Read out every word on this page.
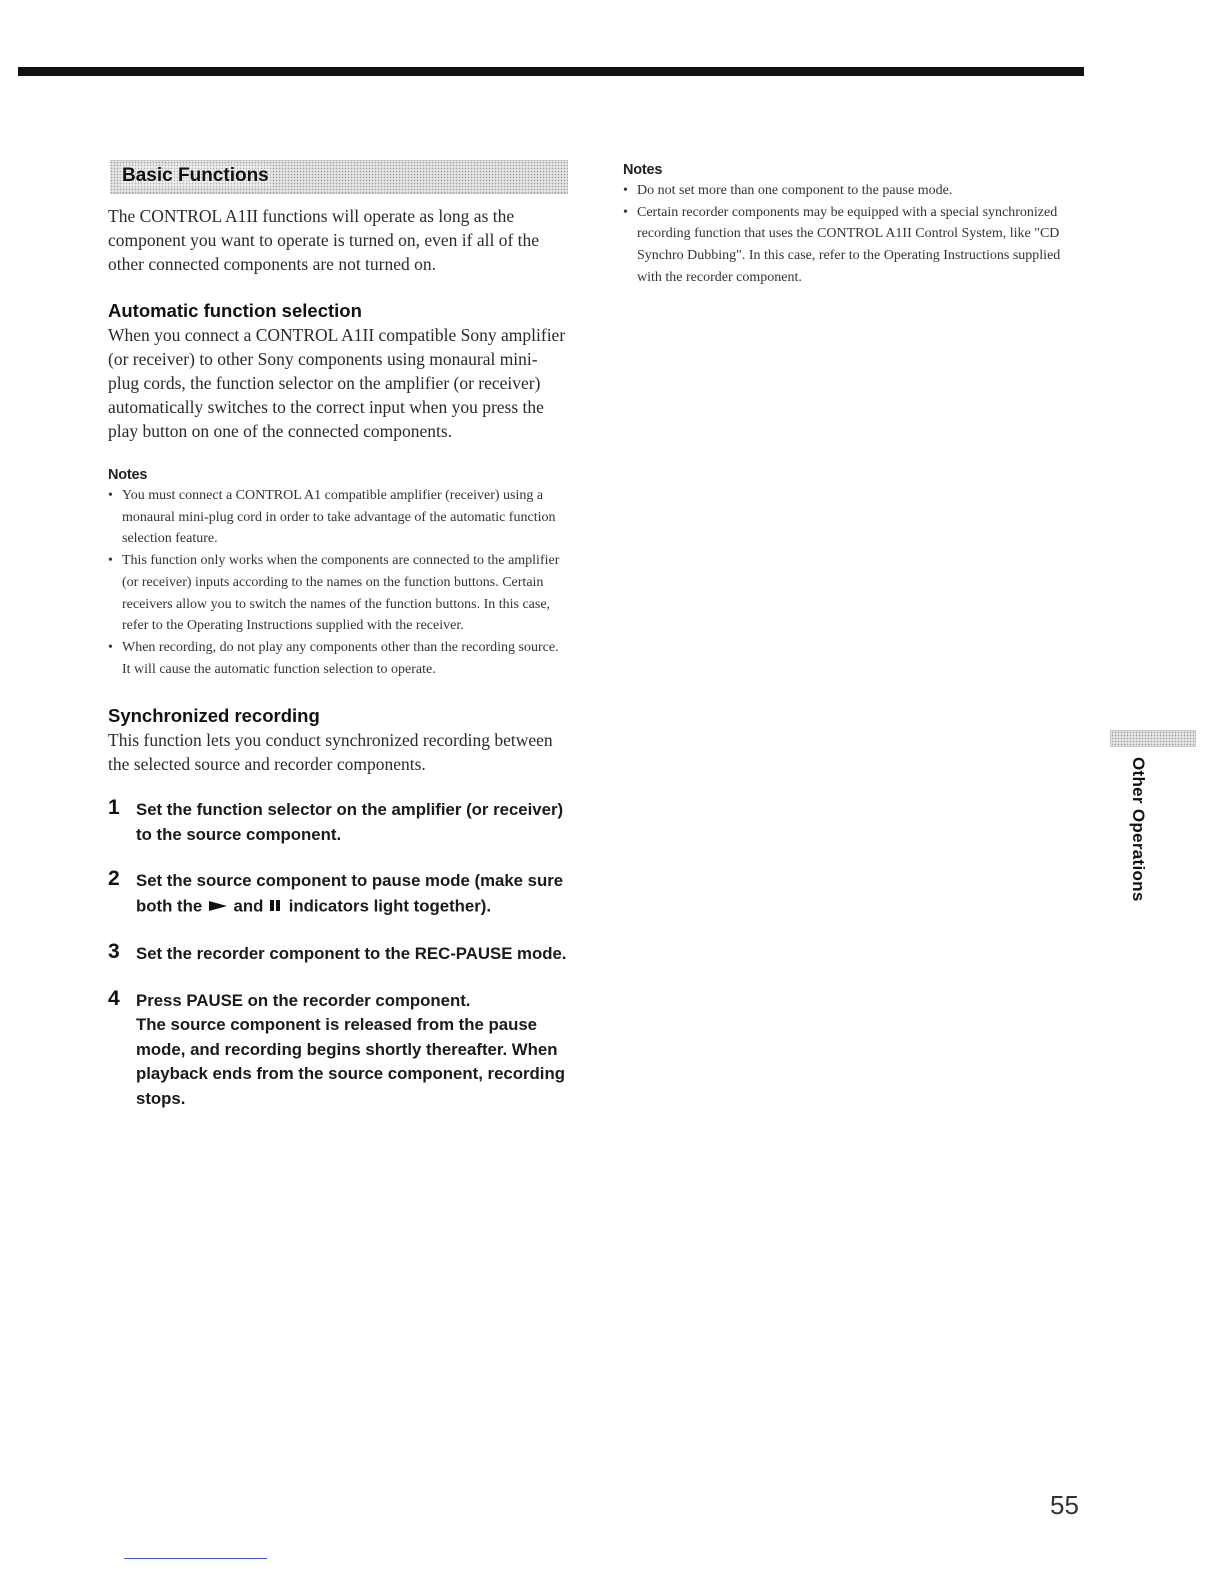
Basic Functions

The CONTROL A1II functions will operate as long as the component you want to operate is turned on, even if all of the other connected components are not turned on.

Automatic function selection

When you connect a CONTROL A1II compatible Sony amplifier (or receiver) to other Sony components using monaural mini-plug cords, the function selector on the amplifier (or receiver) automatically switches to the correct input when you press the play button on one of the connected components.

Notes
• You must connect a CONTROL A1 compatible amplifier (receiver) using a monaural mini-plug cord in order to take advantage of the automatic function selection feature.
• This function only works when the components are connected to the amplifier (or receiver) inputs according to the names on the function buttons. Certain receivers allow you to switch the names of the function buttons. In this case, refer to the Operating Instructions supplied with the receiver.
• When recording, do not play any components other than the recording source. It will cause the automatic function selection to operate.
Synchronized recording

This function lets you conduct synchronized recording between the selected source and recorder components.

1 Set the function selector on the amplifier (or receiver) to the source component.
2 Set the source component to pause mode (make sure both the and indicators light together).
3 Set the recorder component to the REC-PAUSE mode.
4 Press PAUSE on the recorder component.
The source component is released from the pause mode, and recording begins shortly thereafter. When playback ends from the source component, recording stops.
Notes
• Do not set more than one component to the pause mode.
• Certain recorder components may be equipped with a special synchronized recording function that uses the CONTROL A1II Control System, like "CD Synchro Dubbing". In this case, refer to the Operating Instructions supplied with the recorder component.
Other Operations
55
